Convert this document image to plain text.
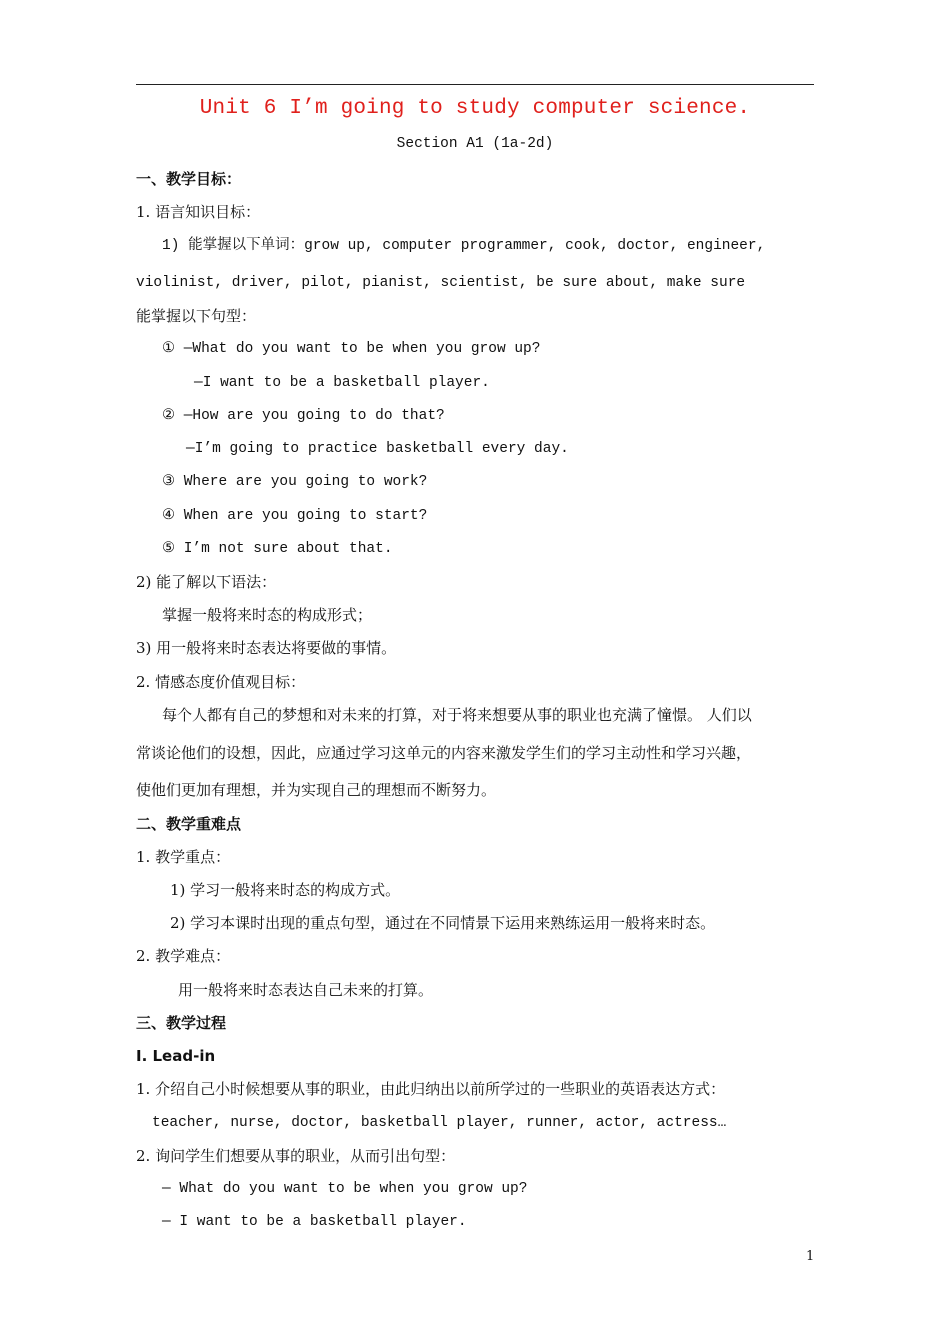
Unit 6 I’m going to study computer science.
Section A1 (1a-2d)
一、教学目标：
1. 语言知识目标：
1) 能掌握以下单词：grow up, computer programmer, cook, doctor, engineer,
violinist, driver, pilot, pianist, scientist, be sure about, make sure
能掌握以下句型：
① —What do you want to be when you grow up?
—I want to be a basketball player.
② —How are you going to do that?
—I’m going to practice basketball every day.
③ Where are you going to work?
④ When are you going to start?
⑤ I’m not sure about that.
2) 能了解以下语法：
掌握一般将来时态的构成形式；
3) 用一般将来时态表达将要做的事情。
2. 情感态度价值观目标：
每个人都有自己的梦想和对未来的打算，对于将来想要从事的职业也充满了憧憬。 人们以
常谈论他们的设想，因此，应通过学习这单元的内容来激发学生们的学习主动性和学习兴趣，
使他们更加有理想，并为实现自己的理想而不断努力。
二、教学重难点
1. 教学重点：
1) 学习一般将来时态的构成方式。
2) 学习本课时出现的重点句型，通过在不同情景下运用来熟练运用一般将来时态。
2. 教学难点：
用一般将来时态表达自己未来的打算。
三、教学过程
Ⅰ. Lead-in
1. 介绍自己小时候想要从事的职业，由此归纳出以前所学过的一些职业的英语表达方式：
teacher, nurse, doctor, basketball player, runner, actor, actress…
2. 询问学生们想要从事的职业，从而引出句型：
— What do you want to be when you grow up?
— I want to be a basketball player.
1
